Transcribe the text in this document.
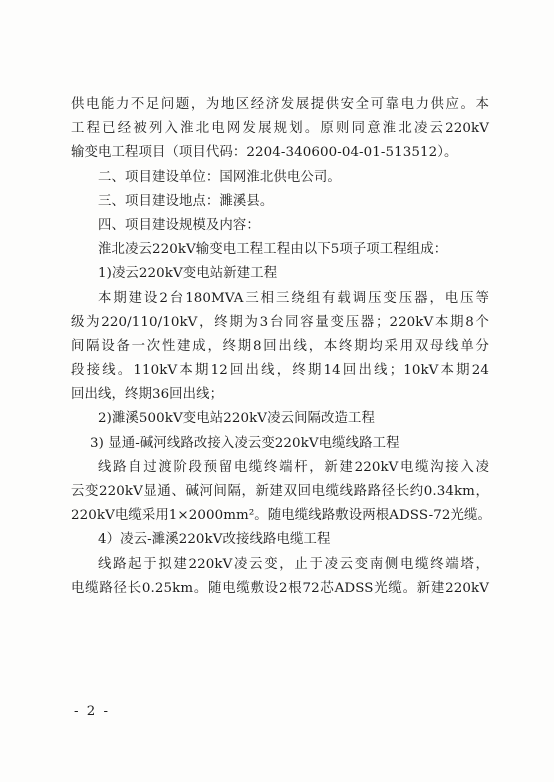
供电能力不足问题，为地区经济发展提供安全可靠电力供应。本
工程已经被列入淮北电网发展规划。原则同意淮北凌云220kV
输变电工程项目（项目代码：2204-340600-04-01-513512）。
二、项目建设单位：国网淮北供电公司。
三、项目建设地点：濉溪县。
四、项目建设规模及内容：
淮北凌云220kV输变电工程工程由以下5项子项工程组成：
1)凌云220kV变电站新建工程
本期建设2台180MVA三相三绕组有载调压变压器，电压等
级为220/110/10kV，终期为3台同容量变压器；220kV本期8个
间隔设备一次性建成，终期8回出线，本终期均采用双母线单分
段接线。110kV本期12回出线，终期14回出线；10kV本期24
回出线，终期36回出线；
2)濉溪500kV变电站220kV凌云间隔改造工程
3) 显通-碱河线路改接入凌云变220kV电缆线路工程
线路自过渡阶段预留电缆终端杆，新建220kV电缆沟接入凌
云变220kV显通、碱河间隔，新建双回电缆线路路径长约0.34km，
220kV电缆采用1×2000mm²。随电缆线路敷设两根ADSS-72光缆。
4）凌云-濉溪220kV改接线路电缆工程
线路起于拟建220kV凌云变，止于凌云变南侧电缆终端塔，
电缆路径长0.25km。随电缆敷设2根72芯ADSS光缆。新建220kV
- 2 -
